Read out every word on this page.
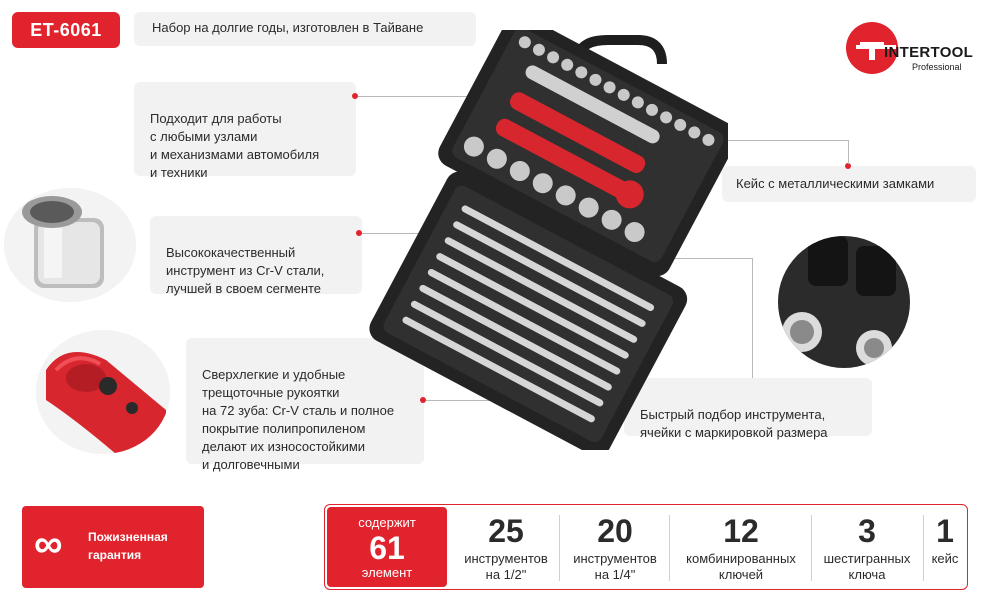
ET-6061	Набор на долгие годы, изготовлен в Тайване
INTERTOOL
Professional

Подходит для работы
с любыми узлами
и механизмами автомобиля
и техники

Высококачественный
инструмент из Cr-V стали,
лучшей в своем сегменте

Сверхлегкие и удобные
трещоточные рукоятки
на 72 зуба: Cr-V сталь и полное
покрытие полипропиленом
делают их износостойкими
и долговечными

Кейс с металлическими замками

Быстрый подбор инструмента,
ячейки с маркировкой размера

∞ Пожизненная гарантия
содержит
61
элемент
25
инструментов
на 1/2"
20
инструментов
на 1/4"
12
комбинированных
ключей
3
шестигранных
ключа
1
кейс
